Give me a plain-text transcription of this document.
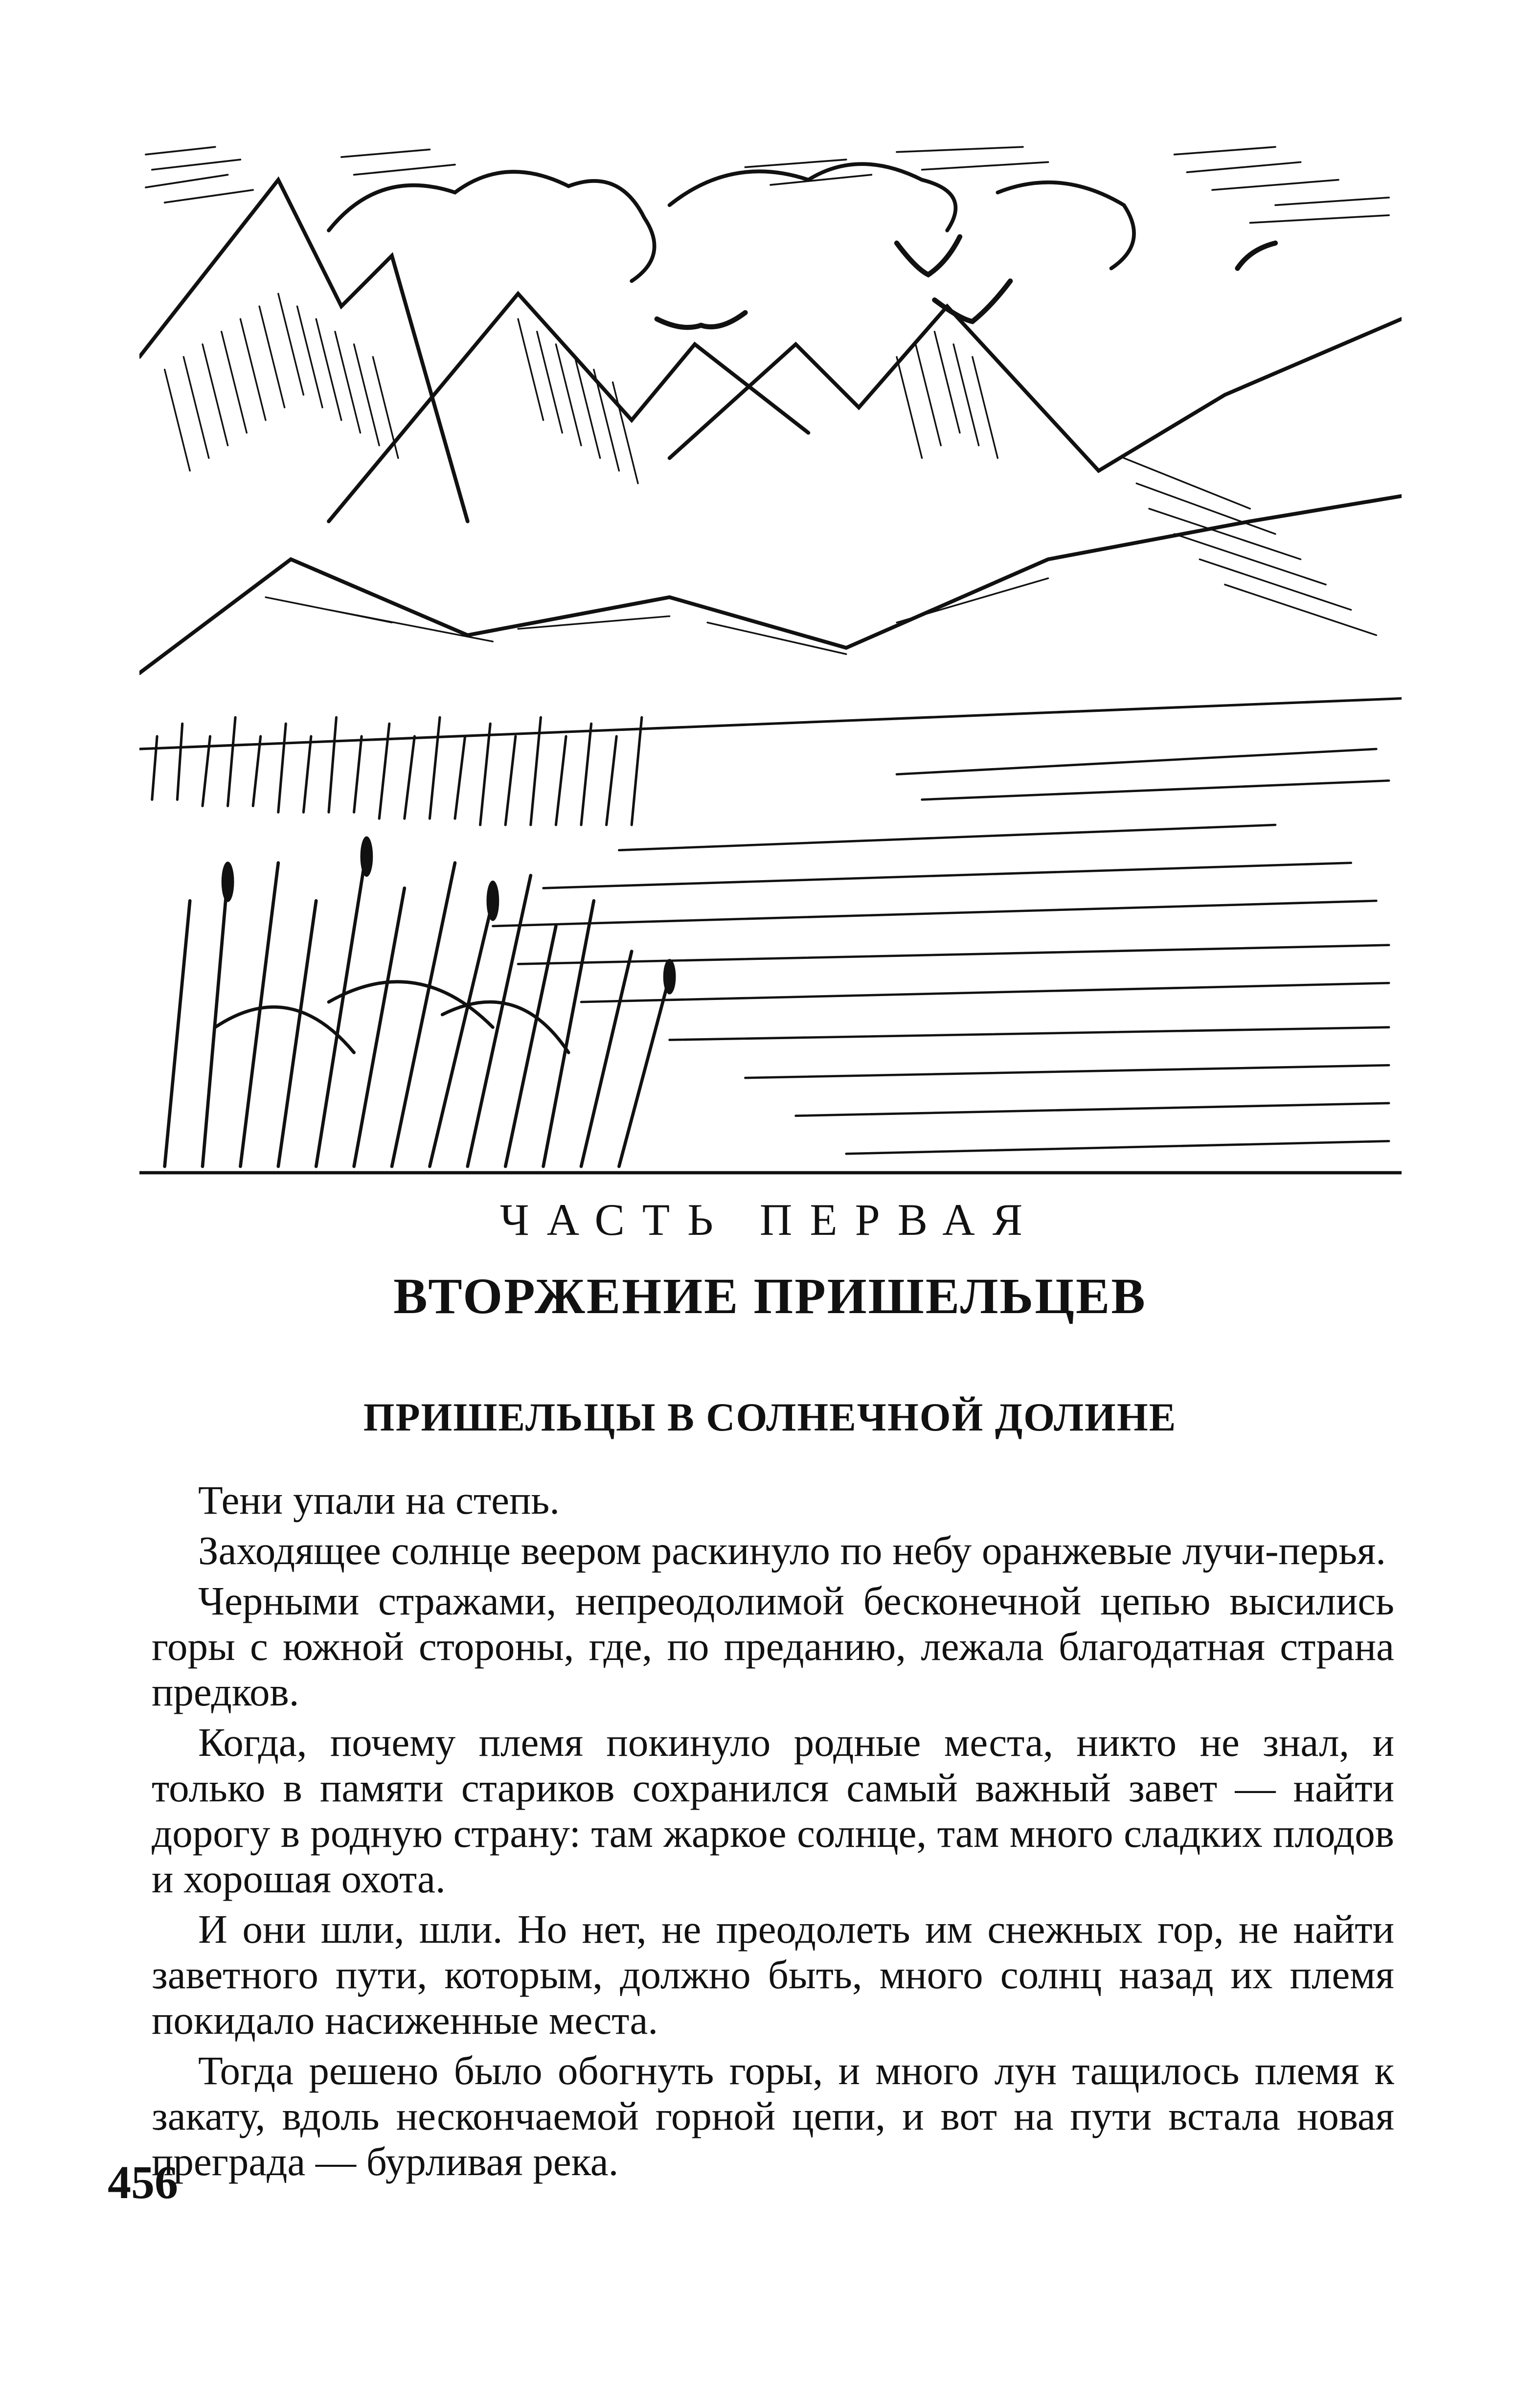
ЧАСТЬ ПЕРВАЯ
ВТОРЖЕНИЕ ПРИШЕЛЬЦЕВ
ПРИШЕЛЬЦЫ В СОЛНЕЧНОЙ ДОЛИНЕ

Тени упали на степь.

Заходящее солнце веером раскинуло по небу оранжевые лучи-перья.

Черными стражами, непреодолимой бесконечной цепью высились горы с южной стороны, где, по преданию, лежала благодатная страна предков.

Когда, почему племя покинуло родные места, никто не знал, и только в памяти стариков сохранился самый важный завет — найти дорогу в родную страну: там жаркое солнце, там много сладких плодов и хорошая охота.

И они шли, шли. Но нет, не преодолеть им снежных гор, не найти заветного пути, которым, должно быть, много солнц назад их племя покидало насиженные места.

Тогда решено было обогнуть горы, и много лун тащилось племя к закату, вдоль нескончаемой горной цепи, и вот на пути встала новая преграда — бурливая река.

456
